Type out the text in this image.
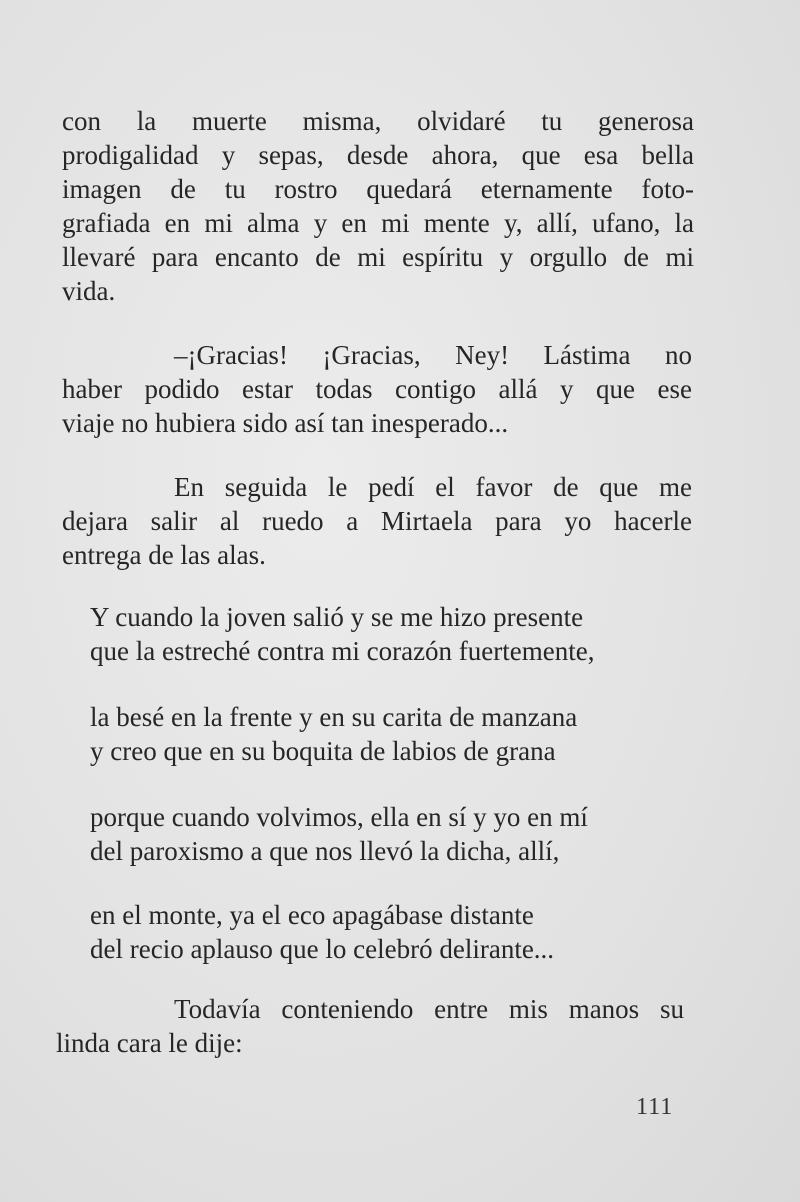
con la muerte misma, olvidaré tu generosa
prodigalidad y sepas, desde ahora, que esa bella
imagen de tu rostro quedará eternamente foto-
grafiada en mi alma y en mi mente y, allí, ufano, la
llevaré para encanto de mi espíritu y orgullo de mi
vida.
–¡Gracias! ¡Gracias, Ney! Lástima no
haber podido estar todas contigo allá y que ese
viaje no hubiera sido así tan inesperado...
En seguida le pedí el favor de que me
dejara salir al ruedo a Mirtaela para yo hacerle
entrega de las alas.
Y cuando la joven salió y se me hizo presente
que la estreché contra mi corazón fuertemente,
la besé en la frente y en su carita de manzana
y creo que en su boquita de labios de grana
porque cuando volvimos, ella en sí y yo en mí
del paroxismo a que nos llevó la dicha, allí,
en el monte, ya el eco apagábase distante
del recio aplauso que lo celebró delirante...
Todavía conteniendo entre mis manos su
linda cara le dije:
111
